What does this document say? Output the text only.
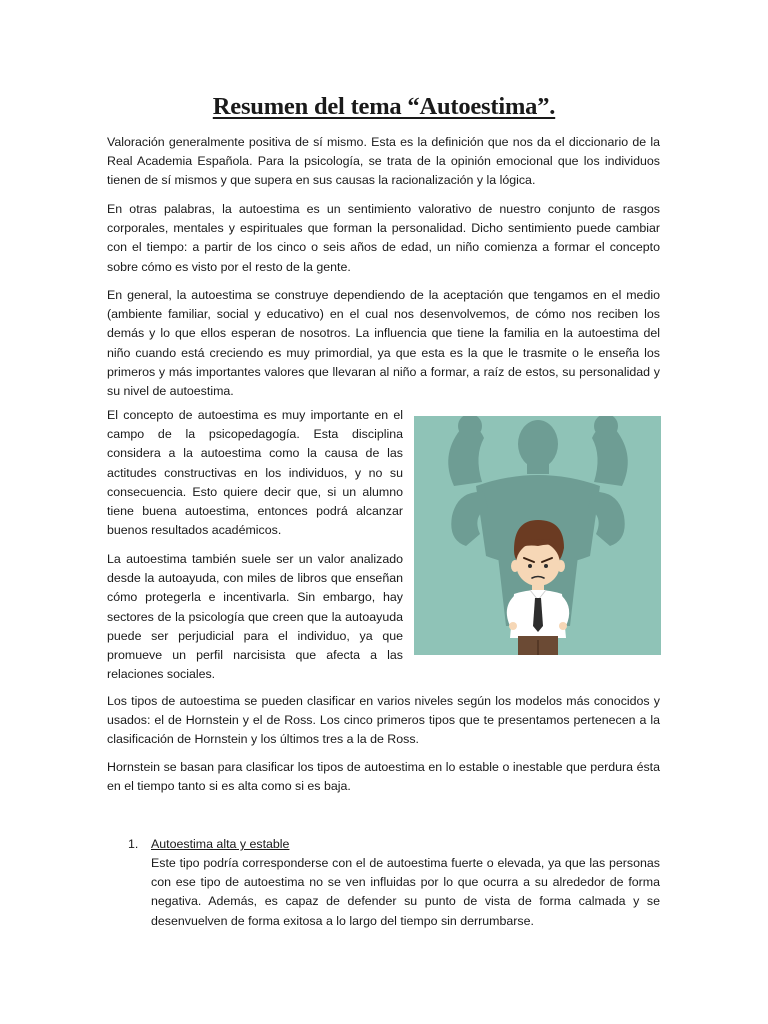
Resumen del tema “Autoestima”.

Valoración generalmente positiva de sí mismo. Esta es la definición que nos da el diccionario de la Real Academia Española. Para la psicología, se trata de la opinión emocional que los individuos tienen de sí mismos y que supera en sus causas la racionalización y la lógica.

En otras palabras, la autoestima es un sentimiento valorativo de nuestro conjunto de rasgos corporales, mentales y espirituales que forman la personalidad. Dicho sentimiento puede cambiar con el tiempo: a partir de los cinco o seis años de edad, un niño comienza a formar el concepto sobre cómo es visto por el resto de la gente.

En general, la autoestima se construye dependiendo de la aceptación que tengamos en el medio (ambiente familiar, social y educativo) en el cual nos desenvolvemos, de cómo nos reciben los demás y lo que ellos esperan de nosotros. La influencia que tiene la familia en la autoestima del niño cuando está creciendo es muy primordial, ya que esta es la que le trasmite o le enseña los primeros y más importantes valores que llevaran al niño a formar, a raíz de estos, su personalidad y su nivel de autoestima.

El concepto de autoestima es muy importante en el campo de la psicopedagogía. Esta disciplina considera a la autoestima como la causa de las actitudes constructivas en los individuos, y no su consecuencia. Esto quiere decir que, si un alumno tiene buena autoestima, entonces podrá alcanzar buenos resultados académicos.

La autoestima también suele ser un valor analizado desde la autoayuda, con miles de libros que enseñan cómo protegerla e incentivarla. Sin embargo, hay sectores de la psicología que creen que la autoayuda puede ser perjudicial para el individuo, ya que promueve un perfil narcisista que afecta a las relaciones sociales.

Los tipos de autoestima se pueden clasificar en varios niveles según los modelos más conocidos y usados: el de Hornstein y el de Ross. Los cinco primeros tipos que te presentamos pertenecen a la clasificación de Hornstein y los últimos tres a la de Ross.

Hornstein se basan para clasificar los tipos de autoestima en lo estable o inestable que perdura ésta en el tiempo tanto si es alta como si es baja.

1. Autoestima alta y estable

Este tipo podría corresponderse con el de autoestima fuerte o elevada, ya que las personas con ese tipo de autoestima no se ven influidas por lo que ocurra a su alrededor de forma negativa. Además, es capaz de defender su punto de vista de forma calmada y se desenvuelven de forma exitosa a lo largo del tiempo sin derrumbarse.
